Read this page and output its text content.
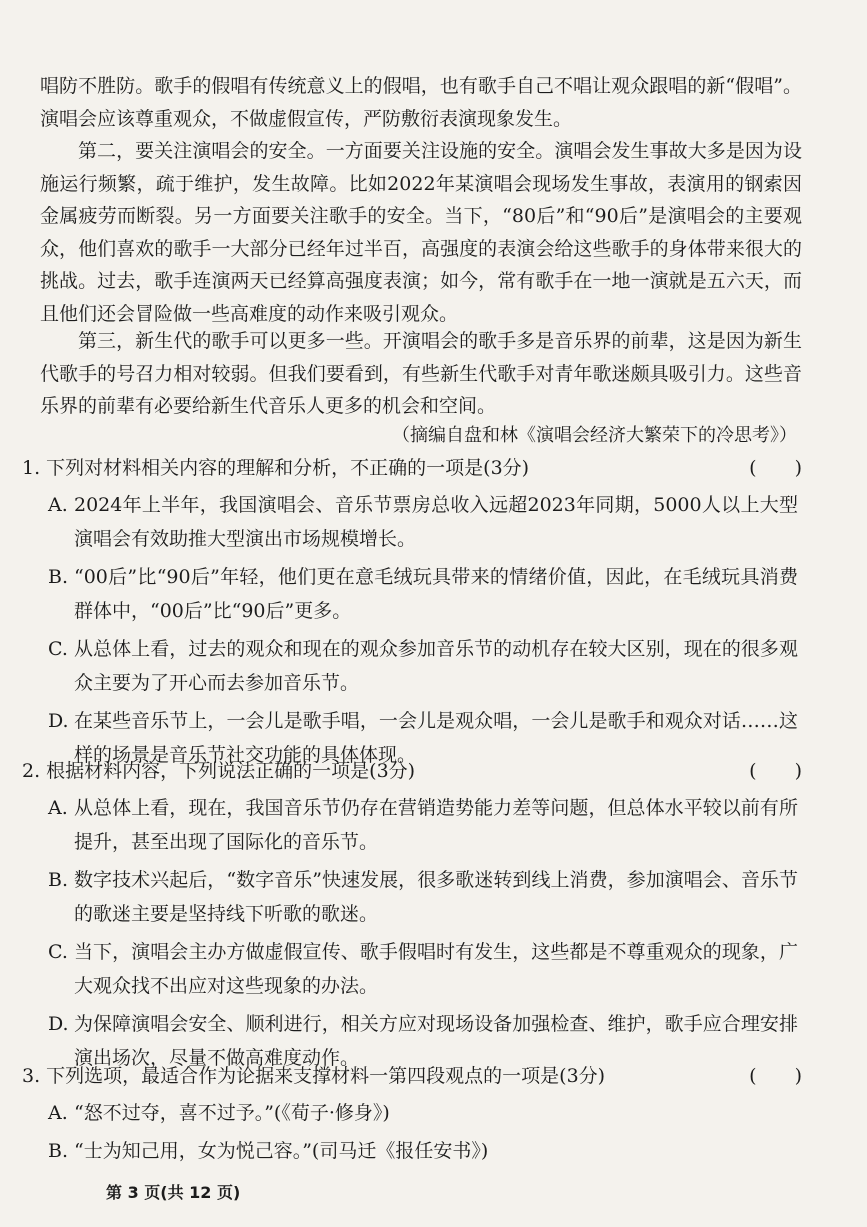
唱防不胜防。歌手的假唱有传统意义上的假唱，也有歌手自己不唱让观众跟唱的新“假唱”。演唱会应该尊重观众，不做虚假宣传，严防敷衍表演现象发生。

第二，要关注演唱会的安全。一方面要关注设施的安全。演唱会发生事故大多是因为设施运行频繁，疏于维护，发生故障。比如2022年某演唱会现场发生事故，表演用的钢索因金属疲劳而断裂。另一方面要关注歌手的安全。当下，“80后”和“90后”是演唱会的主要观众，他们喜欢的歌手一大部分已经年过半百，高强度的表演会给这些歌手的身体带来很大的挑战。过去，歌手连演两天已经算高强度表演；如今，常有歌手在一地一演就是五六天，而且他们还会冒险做一些高难度的动作来吸引观众。

第三，新生代的歌手可以更多一些。开演唱会的歌手多是音乐界的前辈，这是因为新生代歌手的号召力相对较弱。但我们要看到，有些新生代歌手对青年歌迷颇具吸引力。这些音乐界的前辈有必要给新生代音乐人更多的机会和空间。

（摘编自盘和林《演唱会经济大繁荣下的冷思考》）

1. 下列对材料相关内容的理解和分析，不正确的一项是(3分)	(　　)

A. 2024年上半年，我国演唱会、音乐节票房总收入远超2023年同期，5000人以上大型演唱会有效助推大型演出市场规模增长。
B. “00后”比“90后”年轻，他们更在意毛绒玩具带来的情绪价值，因此，在毛绒玩具消费群体中，“00后”比“90后”更多。
C. 从总体上看，过去的观众和现在的观众参加音乐节的动机存在较大区别，现在的很多观众主要为了开心而去参加音乐节。
D. 在某些音乐节上，一会儿是歌手唱，一会儿是观众唱，一会儿是歌手和观众对话……这样的场景是音乐节社交功能的具体体现。

2. 根据材料内容，下列说法正确的一项是(3分)	(　　)

A. 从总体上看，现在，我国音乐节仍存在营销造势能力差等问题，但总体水平较以前有所提升，甚至出现了国际化的音乐节。
B. 数字技术兴起后，“数字音乐”快速发展，很多歌迷转到线上消费，参加演唱会、音乐节的歌迷主要是坚持线下听歌的歌迷。
C. 当下，演唱会主办方做虚假宣传、歌手假唱时有发生，这些都是不尊重观众的现象，广大观众找不出应对这些现象的办法。
D. 为保障演唱会安全、顺利进行，相关方应对现场设备加强检查、维护，歌手应合理安排演出场次，尽量不做高难度动作。

3. 下列选项，最适合作为论据来支撑材料一第四段观点的一项是(3分)	(　　)

A. “怒不过夺，喜不过予。”(《荀子·修身》)
B. “士为知己用，女为悦己容。”(司马迁《报任安书》)
第 3 页(共 12 页)
